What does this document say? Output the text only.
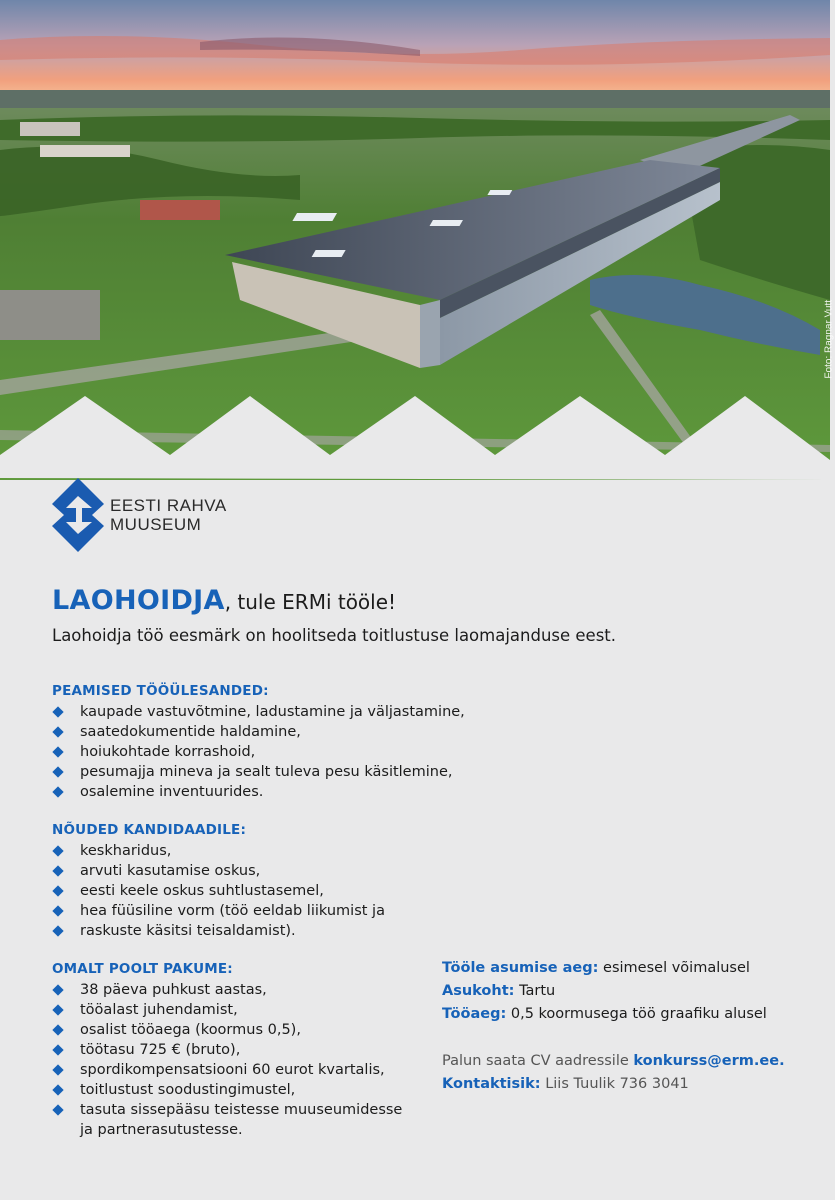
Foto: Ragnar Vutt
EESTI RAHVA
MUUSEUM
LAOHOIDJA, tule ERMi tööle!
Laohoidja töö eesmärk on hoolitseda toitlustuse laomajanduse eest.
PEAMISED TÖÖÜLESANDED:
kaupade vastuvõtmine, ladustamine ja väljastamine,
saatedokumentide haldamine,
hoiukohtade korrashoid,
pesumajja mineva ja sealt tuleva pesu käsitlemine,
osalemine inventuurides.
NÕUDED KANDIDAADILE:
keskharidus,
arvuti kasutamise oskus,
eesti keele oskus suhtlustasemel,
hea füüsiline vorm (töö eeldab liikumist ja
raskuste käsitsi teisaldamist).
OMALT POOLT PAKUME:
38 päeva puhkust aastas,
tööalast juhendamist,
osalist tööaega (koormus 0,5),
töötasu 725 € (bruto),
spordikompensatsiooni 60 eurot kvartalis,
toitlustust soodustingimustel,
tasuta sissepääsu teistesse muuseumidesse
ja partnerasutustesse.
Tööle asumise aeg: esimesel võimalusel
Asukoht: Tartu
Tööaeg: 0,5 koormusega töö graafiku alusel
Palun saata CV aadressile konkurss@erm.ee.
Kontaktisik: Liis Tuulik 736 3041
